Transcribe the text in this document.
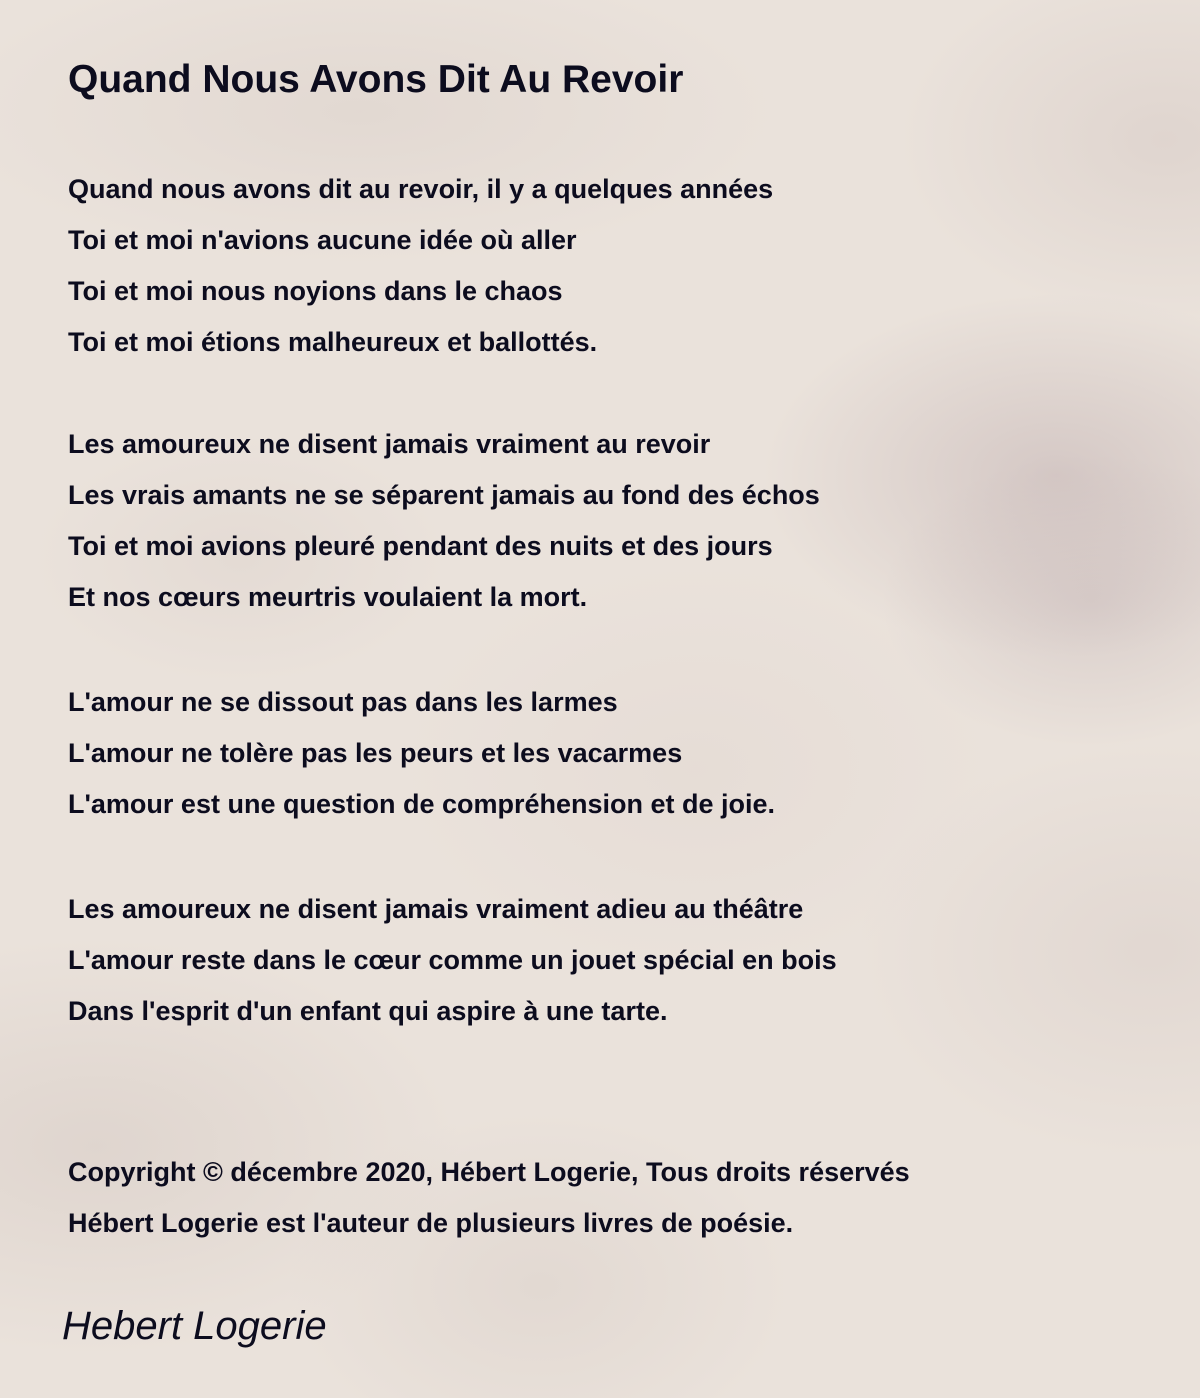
Quand Nous Avons Dit Au Revoir
Quand nous avons dit au revoir, il y a quelques années
Toi et moi n'avions aucune idée où aller
Toi et moi nous noyions dans le chaos
Toi et moi étions malheureux et ballottés.
Les amoureux ne disent jamais vraiment au revoir
Les vrais amants ne se séparent jamais au fond des échos
Toi et moi avions pleuré pendant des nuits et des jours
Et nos cœurs meurtris voulaient la mort.
L'amour ne se dissout pas dans les larmes
L'amour ne tolère pas les peurs et les vacarmes
L'amour est une question de compréhension et de joie.
Les amoureux ne disent jamais vraiment adieu au théâtre
L'amour reste dans le cœur comme un jouet spécial en bois
Dans l'esprit d'un enfant qui aspire à une tarte.
Copyright © décembre 2020, Hébert Logerie, Tous droits réservés
Hébert Logerie est l'auteur de plusieurs livres de poésie.
Hebert Logerie
